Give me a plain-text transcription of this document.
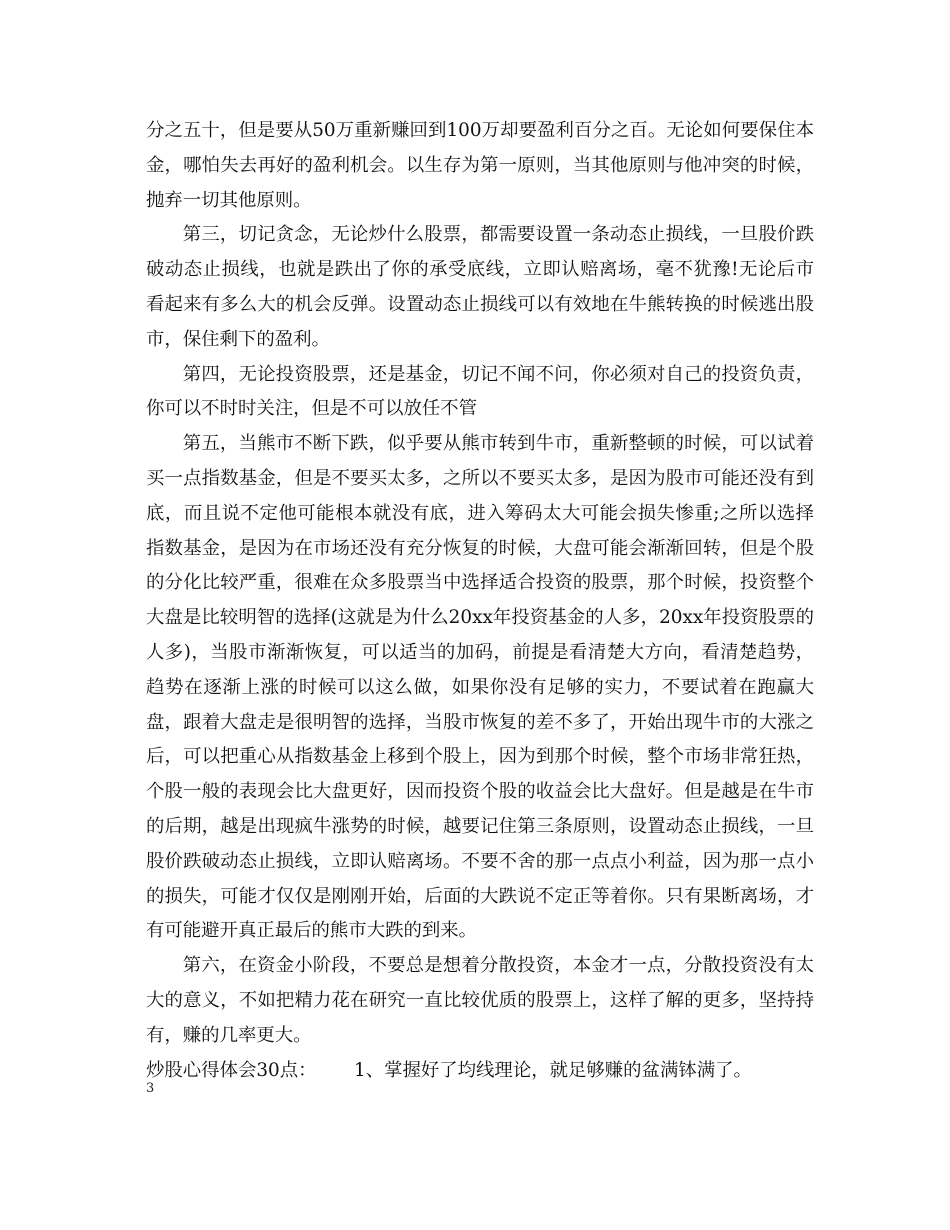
分之五十，但是要从50万重新赚回到100万却要盈利百分之百。无论如何要保住本金，哪怕失去再好的盈利机会。以生存为第一原则，当其他原则与他冲突的时候，抛弃一切其他原则。

第三，切记贪念，无论炒什么股票，都需要设置一条动态止损线，一旦股价跌破动态止损线，也就是跌出了你的承受底线，立即认赔离场，毫不犹豫!无论后市看起来有多么大的机会反弹。设置动态止损线可以有效地在牛熊转换的时候逃出股市，保住剩下的盈利。

第四，无论投资股票，还是基金，切记不闻不问，你必须对自己的投资负责，你可以不时时关注，但是不可以放任不管

第五，当熊市不断下跌，似乎要从熊市转到牛市，重新整顿的时候，可以试着买一点指数基金，但是不要买太多，之所以不要买太多，是因为股市可能还没有到底，而且说不定他可能根本就没有底，进入筹码太大可能会损失惨重;之所以选择指数基金，是因为在市场还没有充分恢复的时候，大盘可能会渐渐回转，但是个股的分化比较严重，很难在众多股票当中选择适合投资的股票，那个时候，投资整个大盘是比较明智的选择(这就是为什么20xx年投资基金的人多，20xx年投资股票的人多)，当股市渐渐恢复，可以适当的加码，前提是看清楚大方向，看清楚趋势，趋势在逐渐上涨的时候可以这么做，如果你没有足够的实力，不要试着在跑赢大盘，跟着大盘走是很明智的选择，当股市恢复的差不多了，开始出现牛市的大涨之后，可以把重心从指数基金上移到个股上，因为到那个时候，整个市场非常狂热，个股一般的表现会比大盘更好，因而投资个股的收益会比大盘好。但是越是在牛市的后期，越是出现疯牛涨势的时候，越要记住第三条原则，设置动态止损线，一旦股价跌破动态止损线，立即认赔离场。不要不舍的那一点点小利益，因为那一点小的损失，可能才仅仅是刚刚开始，后面的大跌说不定正等着你。只有果断离场，才有可能避开真正最后的熊市大跌的到来。

第六，在资金小阶段，不要总是想着分散投资，本金才一点，分散投资没有太大的意义，不如把精力花在研究一直比较优质的股票上，这样了解的更多，坚持持有，赚的几率更大。

炒股心得体会30点： 1、掌握好了均线理论，就足够赚的盆满钵满了。

3
